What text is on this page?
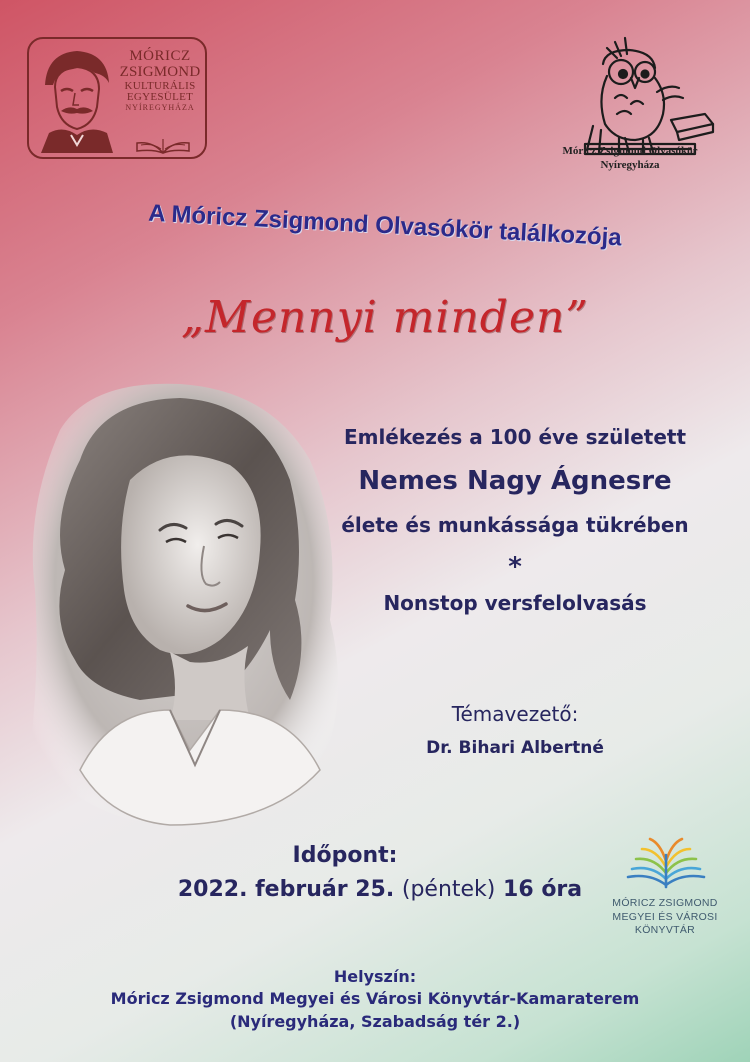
MÓRICZ
ZSIGMOND
KULTURÁLIS
EGYESÜLET
NYÍREGYHÁZA
Móricz Zsigmond Olvasókör
Nyíregyháza
A Móricz Zsigmond Olvasókör találkozója
„Mennyi minden”
Emlékezés a 100 éve született
Nemes Nagy Ágnesre
élete és munkássága tükrében
*
Nonstop versfelolvasás
Témavezető:
Dr. Bihari Albertné
Időpont:
2022. február 25. (péntek) 16 óra
MÓRICZ ZSIGMOND
MEGYEI ÉS VÁROSI
KÖNYVTÁR
Helyszín:
Móricz Zsigmond Megyei és Városi Könyvtár-Kamaraterem
(Nyíregyháza, Szabadság tér 2.)
